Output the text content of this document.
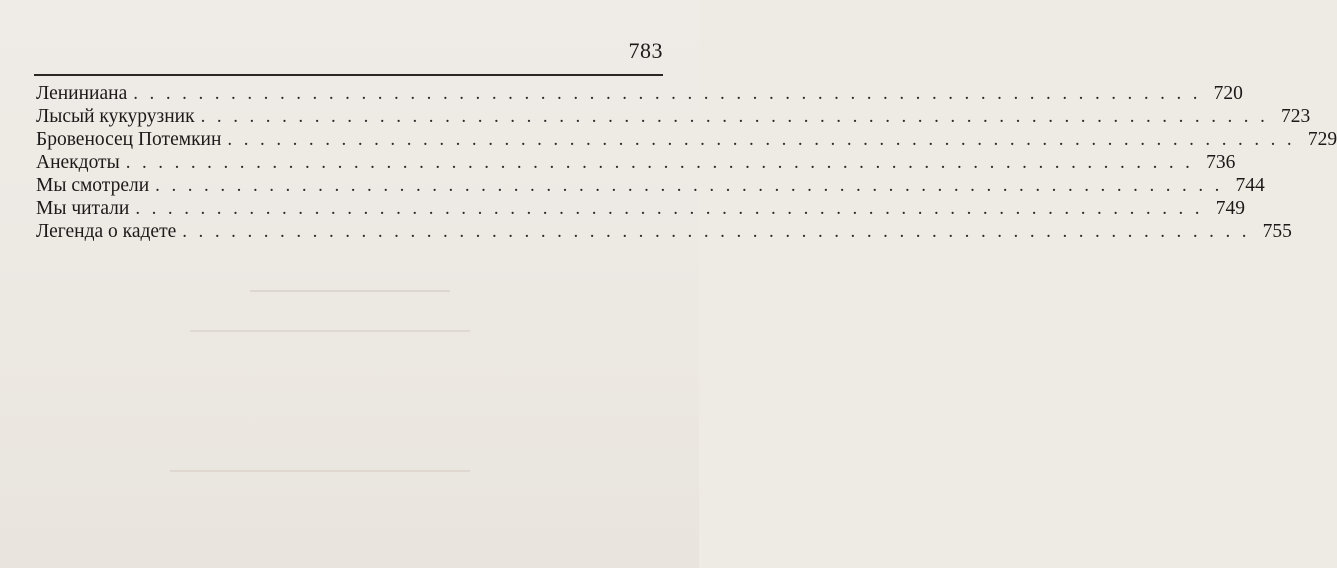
783
Лениниана . . . . . . . . . . . . . . . . . . . . . . . . . . . . . . . . . . . . . . . . . . . . . . . . . . . . . . . . . . . . . . . . . . 720
Лысый кукурузник . . . . . . . . . . . . . . . . . . . . . . . . . . . . . . . . . . . . . . . . . . . . . . . . . . . . . . . . . . . . . . . . . . 723
Бровеносец Потемкин . . . . . . . . . . . . . . . . . . . . . . . . . . . . . . . . . . . . . . . . . . . . . . . . . . . . . . . . . . . . . . . . . . 729
Анекдоты . . . . . . . . . . . . . . . . . . . . . . . . . . . . . . . . . . . . . . . . . . . . . . . . . . . . . . . . . . . . . . . . . . 736
Мы смотрели . . . . . . . . . . . . . . . . . . . . . . . . . . . . . . . . . . . . . . . . . . . . . . . . . . . . . . . . . . . . . . . . . . 744
Мы читали . . . . . . . . . . . . . . . . . . . . . . . . . . . . . . . . . . . . . . . . . . . . . . . . . . . . . . . . . . . . . . . . . . 749
Легенда о кадете . . . . . . . . . . . . . . . . . . . . . . . . . . . . . . . . . . . . . . . . . . . . . . . . . . . . . . . . . . . . . . . . . . 755
